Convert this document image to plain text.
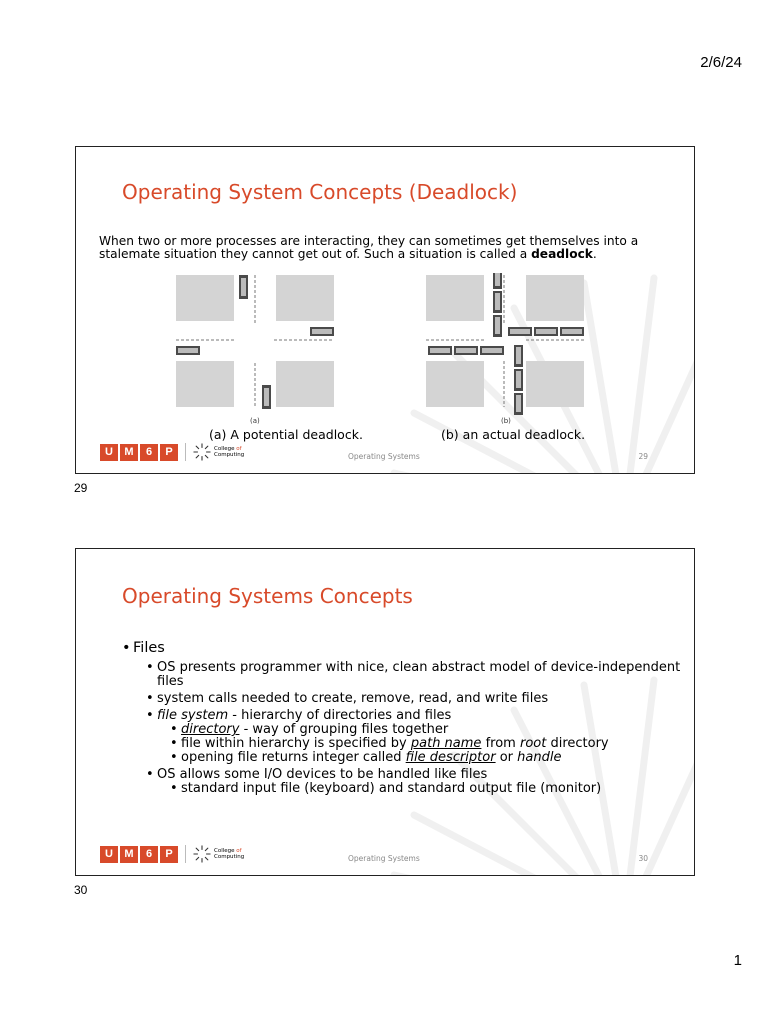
2/6/24
Operating System Concepts (Deadlock)
When two or more processes are interacting, they can sometimes get themselves into a stalemate situation they cannot get out of. Such a situation is called a deadlock.
(a)	(b)
(a) A potential deadlock.	(b) an actual deadlock.
U	M	6	P	College of
Computing	Operating Systems	29
29
Operating Systems Concepts
• Files
• OS presents programmer with nice, clean abstract model of device-independent files
• system calls needed to create, remove, read, and write files
• file system - hierarchy of directories and files
• directory - way of grouping files together
• file within hierarchy is specified by path name from root directory
• opening file returns integer called file descriptor or handle
• OS allows some I/O devices to be handled like files
• standard input file (keyboard) and standard output file (monitor)
U	M	6	P	College of
Computing	Operating Systems	30
30
1
